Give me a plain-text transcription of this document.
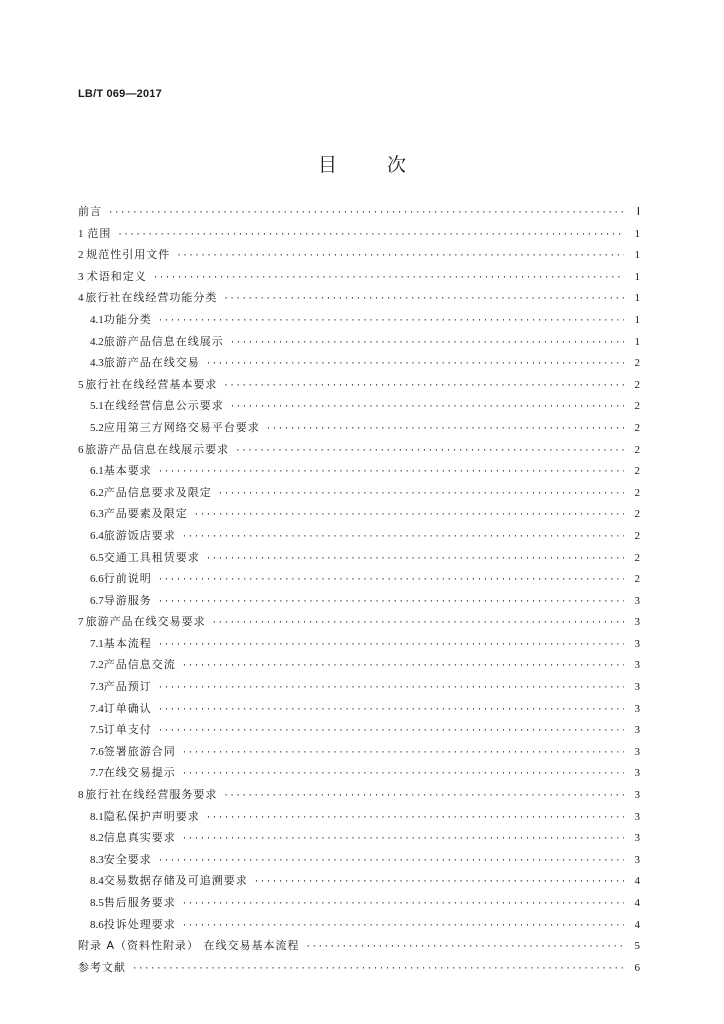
LB/T 069—2017
目	次
前言 ·····	Ⅰ
1 范围 ·····	1
2 规范性引用文件 ·····	1
3 术语和定义 ·····	1
4 旅行社在线经营功能分类 ·····	1
4.1 功能分类 ·····	1
4.2 旅游产品信息在线展示 ·····	1
4.3 旅游产品在线交易 ·····	2
5 旅行社在线经营基本要求 ·····	2
5.1 在线经营信息公示要求 ·····	2
5.2 应用第三方网络交易平台要求 ·····	2
6 旅游产品信息在线展示要求 ·····	2
6.1 基本要求 ·····	2
6.2 产品信息要求及限定 ·····	2
6.3 产品要素及限定 ·····	2
6.4 旅游饭店要求 ·····	2
6.5 交通工具租赁要求 ·····	2
6.6 行前说明 ·····	2
6.7 导游服务 ·····	3
7 旅游产品在线交易要求 ·····	3
7.1 基本流程 ·····	3
7.2 产品信息交流 ·····	3
7.3 产品预订 ·····	3
7.4 订单确认 ·····	3
7.5 订单支付 ·····	3
7.6 签署旅游合同 ·····	3
7.7 在线交易提示 ·····	3
8 旅行社在线经营服务要求 ·····	3
8.1 隐私保护声明要求 ·····	3
8.2 信息真实要求 ·····	3
8.3 安全要求 ·····	3
8.4 交易数据存储及可追溯要求 ·····	4
8.5 售后服务要求 ·····	4
8.6 投诉处理要求 ·····	4
附录 A（资料性附录） 在线交易基本流程 ·····	5
参考文献 ·····	6
